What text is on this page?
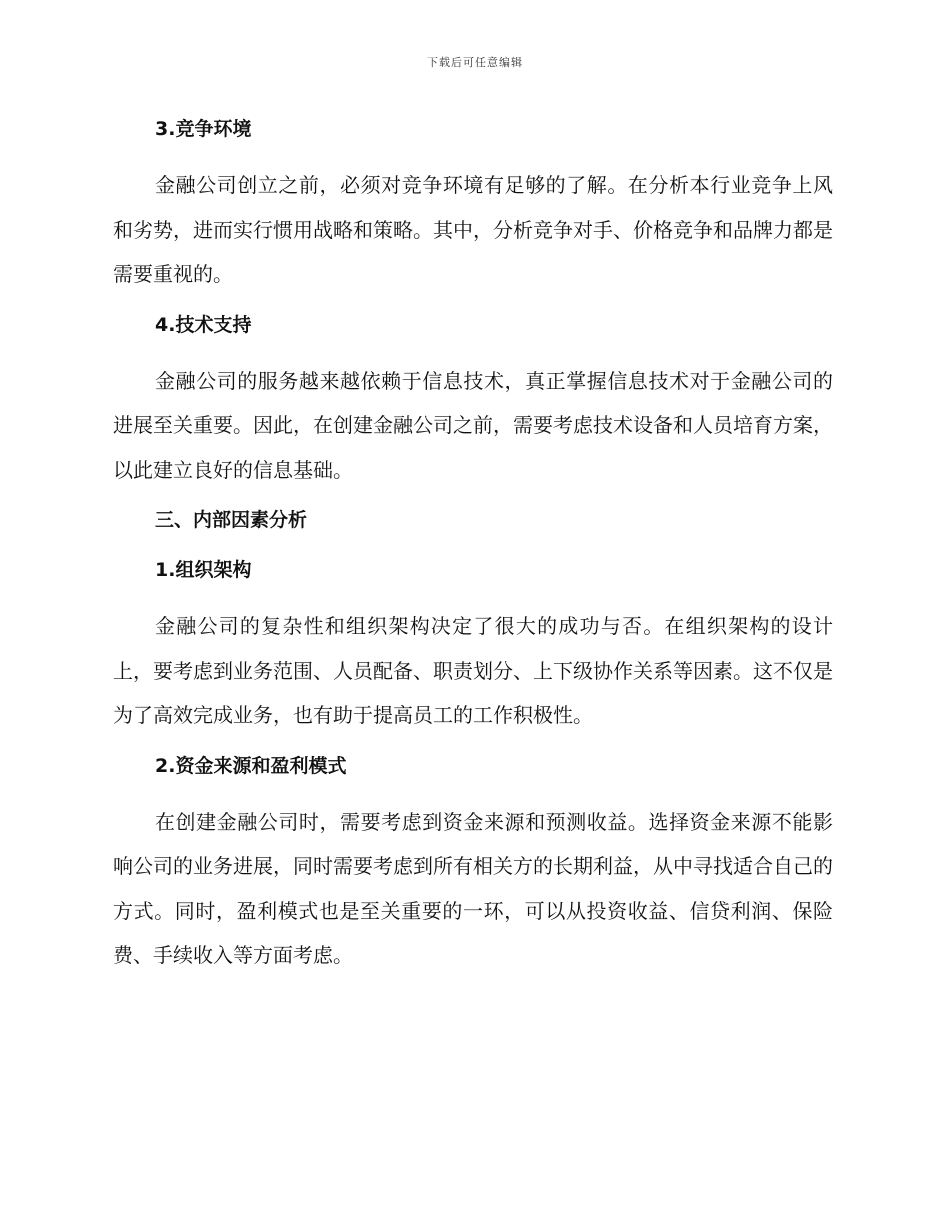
下载后可任意编辑
3.竞争环境

金融公司创立之前，必须对竞争环境有足够的了解。在分析本行业竞争上风和劣势，进而实行惯用战略和策略。其中，分析竞争对手、价格竞争和品牌力都是需要重视的。

4.技术支持

金融公司的服务越来越依赖于信息技术，真正掌握信息技术对于金融公司的进展至关重要。因此，在创建金融公司之前，需要考虑技术设备和人员培育方案，以此建立良好的信息基础。

三、内部因素分析
1.组织架构

金融公司的复杂性和组织架构决定了很大的成功与否。在组织架构的设计上，要考虑到业务范围、人员配备、职责划分、上下级协作关系等因素。这不仅是为了高效完成业务，也有助于提高员工的工作积极性。

2.资金来源和盈利模式

在创建金融公司时，需要考虑到资金来源和预测收益。选择资金来源不能影响公司的业务进展，同时需要考虑到所有相关方的长期利益，从中寻找适合自己的方式。同时，盈利模式也是至关重要的一环，可以从投资收益、信贷利润、保险费、手续收入等方面考虑。
